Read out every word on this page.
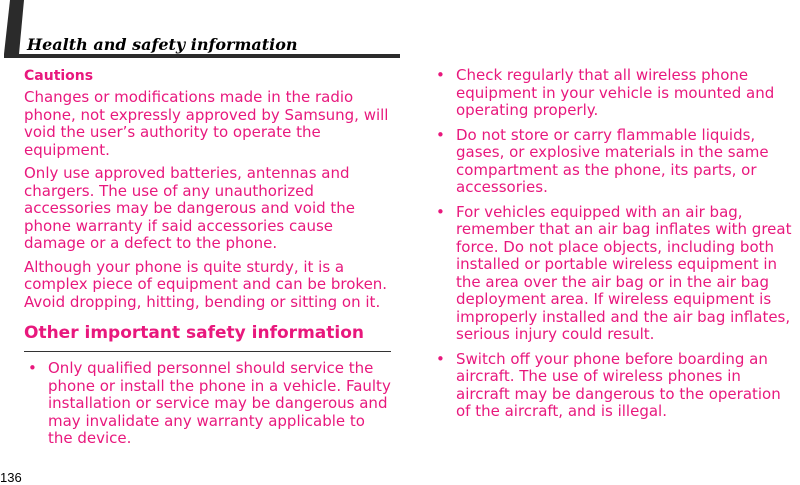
Health and safety information
Cautions

Changes or modifications made in the radio phone, not expressly approved by Samsung, will void the user’s authority to operate the equipment.

Only use approved batteries, antennas and chargers. The use of any unauthorized accessories may be dangerous and void the phone warranty if said accessories cause damage or a defect to the phone.

Although your phone is quite sturdy, it is a complex piece of equipment and can be broken. Avoid dropping, hitting, bending or sitting on it.

Other important safety information
• Only qualified personnel should service the phone or install the phone in a vehicle. Faulty installation or service may be dangerous and may invalidate any warranty applicable to the device.
• Check regularly that all wireless phone equipment in your vehicle is mounted and operating properly.
• Do not store or carry flammable liquids, gases, or explosive materials in the same compartment as the phone, its parts, or accessories.
• For vehicles equipped with an air bag, remember that an air bag inflates with great force. Do not place objects, including both installed or portable wireless equipment in the area over the air bag or in the air bag deployment area. If wireless equipment is improperly installed and the air bag inflates, serious injury could result.
• Switch off your phone before boarding an aircraft. The use of wireless phones in aircraft may be dangerous to the operation of the aircraft, and is illegal.
136
